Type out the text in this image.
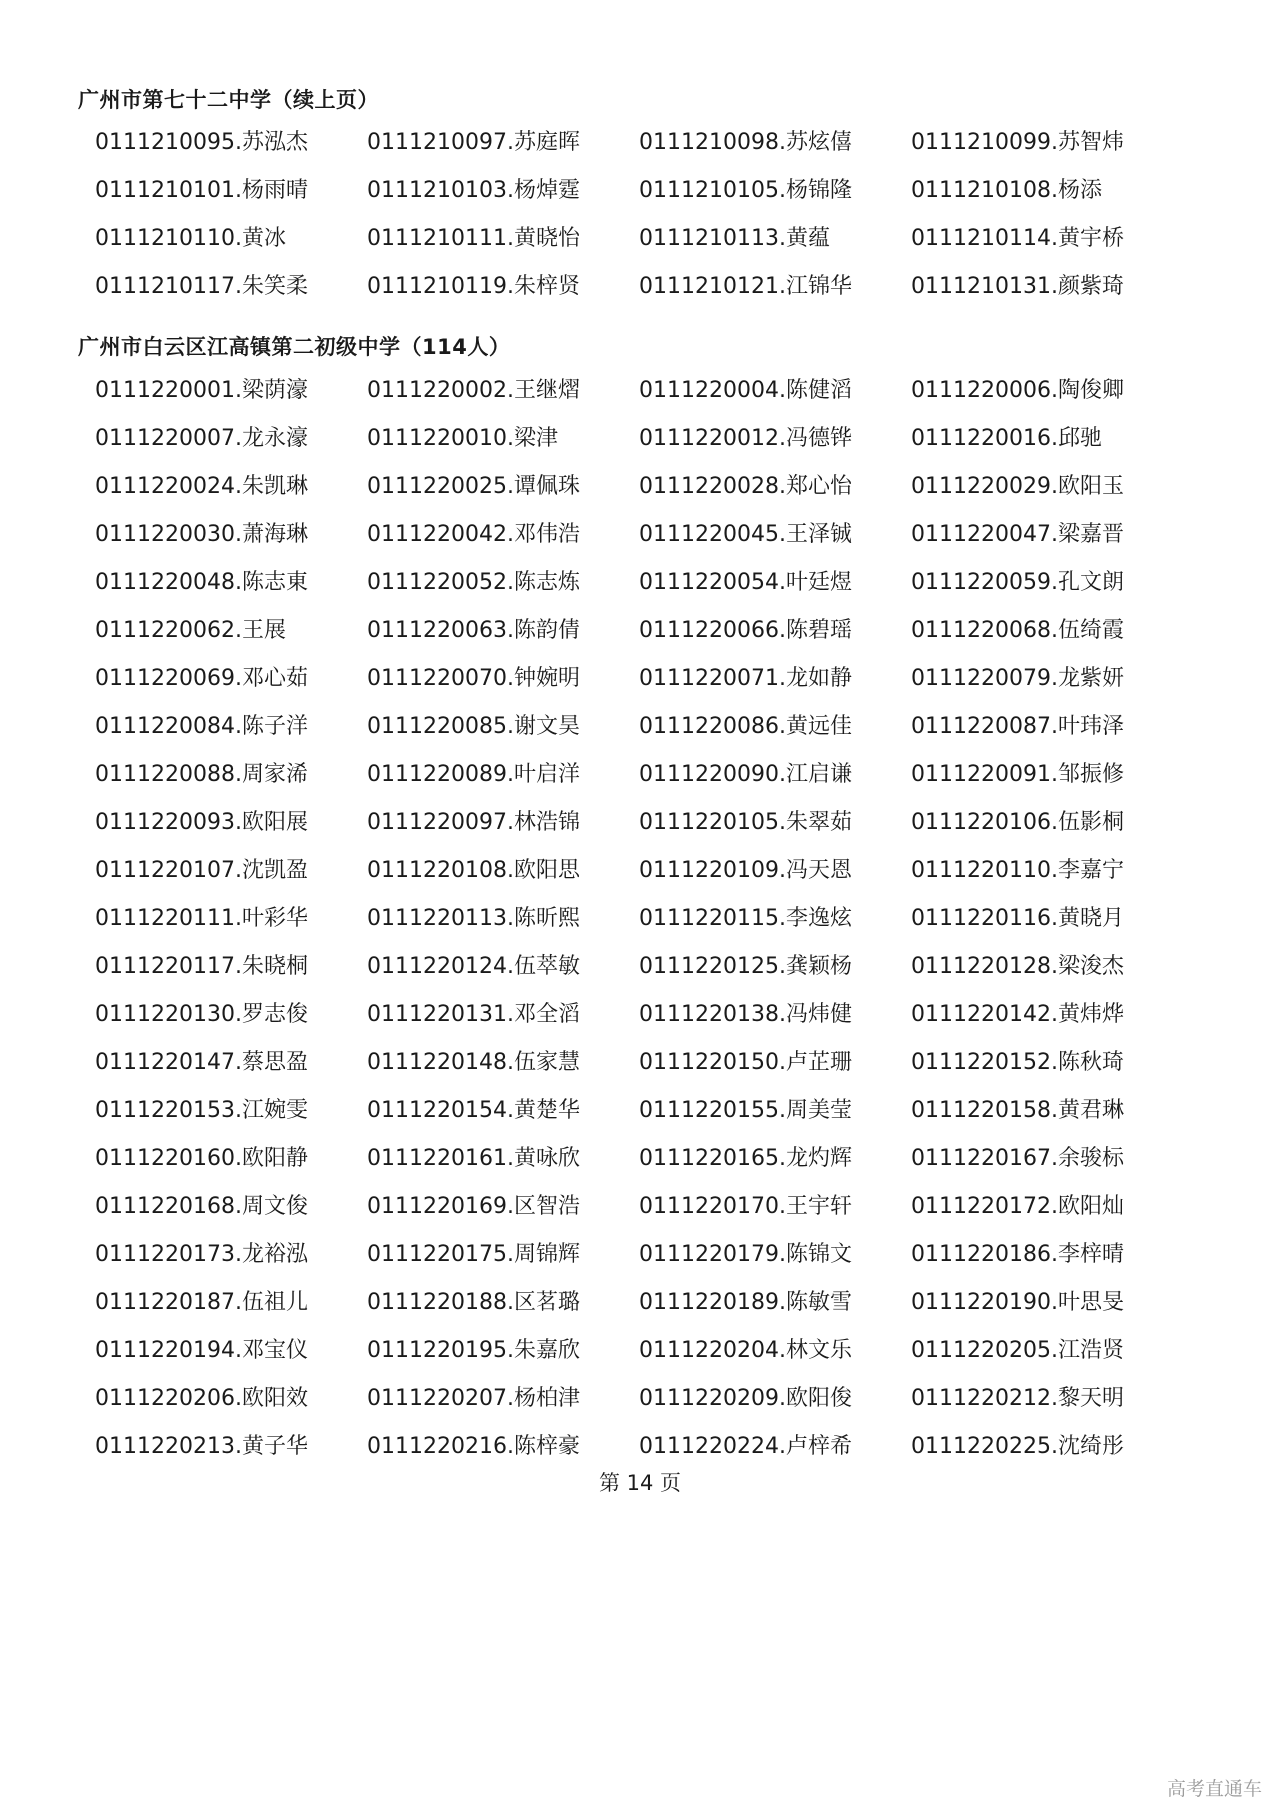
广州市第七十二中学（续上页）
0111210095.苏泓杰	0111210097.苏庭晖	0111210098.苏炫僖	0111210099.苏智炜
0111210101.杨雨晴	0111210103.杨焯霆	0111210105.杨锦隆	0111210108.杨添
0111210110.黄冰	0111210111.黄晓怡	0111210113.黄蕴	0111210114.黄宇桥
0111210117.朱笑柔	0111210119.朱梓贤	0111210121.江锦华	0111210131.颜紫琦
广州市白云区江高镇第二初级中学（114人）
0111220001.梁荫濠	0111220002.王继熠	0111220004.陈健滔	0111220006.陶俊卿
0111220007.龙永濠	0111220010.梁津	0111220012.冯德铧	0111220016.邱驰
0111220024.朱凯琳	0111220025.谭佩珠	0111220028.郑心怡	0111220029.欧阳玉
0111220030.萧海琳	0111220042.邓伟浩	0111220045.王泽铖	0111220047.梁嘉晋
0111220048.陈志東	0111220052.陈志炼	0111220054.叶廷煜	0111220059.孔文朗
0111220062.王展	0111220063.陈韵倩	0111220066.陈碧瑶	0111220068.伍绮霞
0111220069.邓心茹	0111220070.钟婉明	0111220071.龙如静	0111220079.龙紫妍
0111220084.陈子洋	0111220085.谢文昊	0111220086.黄远佳	0111220087.叶玮泽
0111220088.周家浠	0111220089.叶启洋	0111220090.江启谦	0111220091.邹振修
0111220093.欧阳展	0111220097.林浩锦	0111220105.朱翠茹	0111220106.伍影桐
0111220107.沈凯盈	0111220108.欧阳思	0111220109.冯天恩	0111220110.李嘉宁
0111220111.叶彩华	0111220113.陈昕熙	0111220115.李逸炫	0111220116.黄晓月
0111220117.朱晓桐	0111220124.伍萃敏	0111220125.龚颖杨	0111220128.梁浚杰
0111220130.罗志俊	0111220131.邓全滔	0111220138.冯炜健	0111220142.黄炜烨
0111220147.蔡思盈	0111220148.伍家慧	0111220150.卢芷珊	0111220152.陈秋琦
0111220153.江婉雯	0111220154.黄楚华	0111220155.周美莹	0111220158.黄君琳
0111220160.欧阳静	0111220161.黄咏欣	0111220165.龙灼辉	0111220167.余骏标
0111220168.周文俊	0111220169.区智浩	0111220170.王宇轩	0111220172.欧阳灿
0111220173.龙裕泓	0111220175.周锦辉	0111220179.陈锦文	0111220186.李梓晴
0111220187.伍祖儿	0111220188.区茗璐	0111220189.陈敏雪	0111220190.叶思旻
0111220194.邓宝仪	0111220195.朱嘉欣	0111220204.林文乐	0111220205.江浩贤
0111220206.欧阳效	0111220207.杨柏津	0111220209.欧阳俊	0111220212.黎天明
0111220213.黄子华	0111220216.陈梓豪	0111220224.卢梓希	0111220225.沈绮彤
第 14 页
高考直通车
